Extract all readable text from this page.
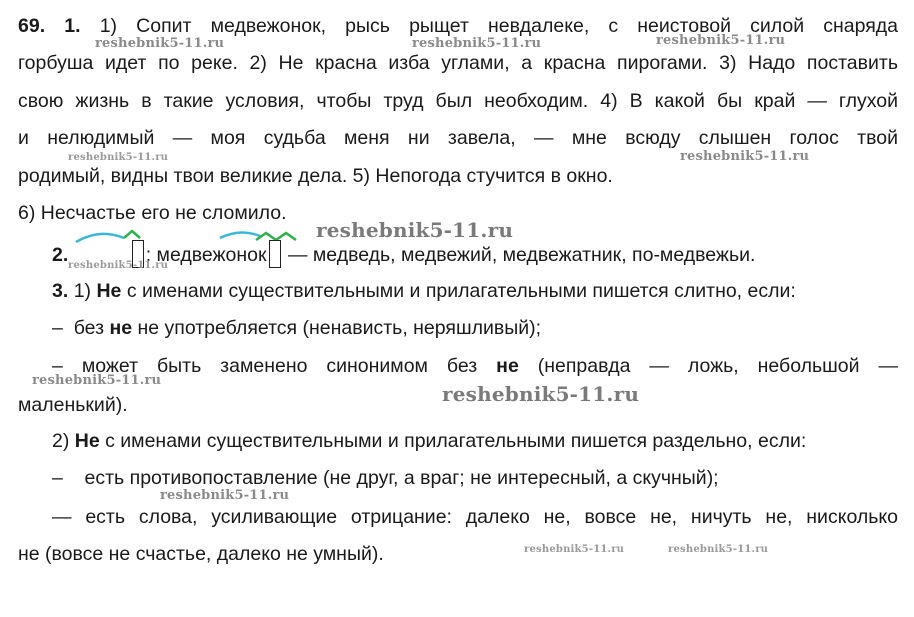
69. 1. 1) Сопит медвежонок, рысь рыщет невдалеке, с неистовой силой снаряда
горбуша идет по реке. 2) Не красна изба углами, а красна пирогами. 3) Надо поставить
свою жизнь в такие условия, чтобы труд был необходим. 4) В какой бы край — глухой
и нелюдимый — моя судьба меня ни завела, — мне всюду слышен голос твой
родимый, видны твои великие дела. 5) Непогода стучится в окно.
6) Несчастье его не сломило.
2.	: медвежонок — медведь, медвежий, медвежатник, по-медвежьи.
3. 1) Не с именами существительными и прилагательными пишется слитно, если:
– без не не употребляется (ненависть, неряшливый);
– может быть заменено синонимом без не (неправда — ложь, небольшой —
маленький).
2) Не с именами существительными и прилагательными пишется раздельно, если:
– есть противопоставление (не друг, а враг; не интересный, а скучный);
— есть слова, усиливающие отрицание: далеко не, вовсе не, ничуть не, нисколько
не (вовсе не счастье, далеко не умный).
reshebnik5-11.ru	reshebnik5-11.ru	reshebnik5-11.ru
reshebnik5-11.ru	reshebnik5-11.ru
reshebnik5-11.ru
reshebnik5-11.ru
reshebnik5-11.ru
reshebnik5-11.ru
reshebnik5-11.ru
reshebnik5-11.ru	reshebnik5-11.ru
